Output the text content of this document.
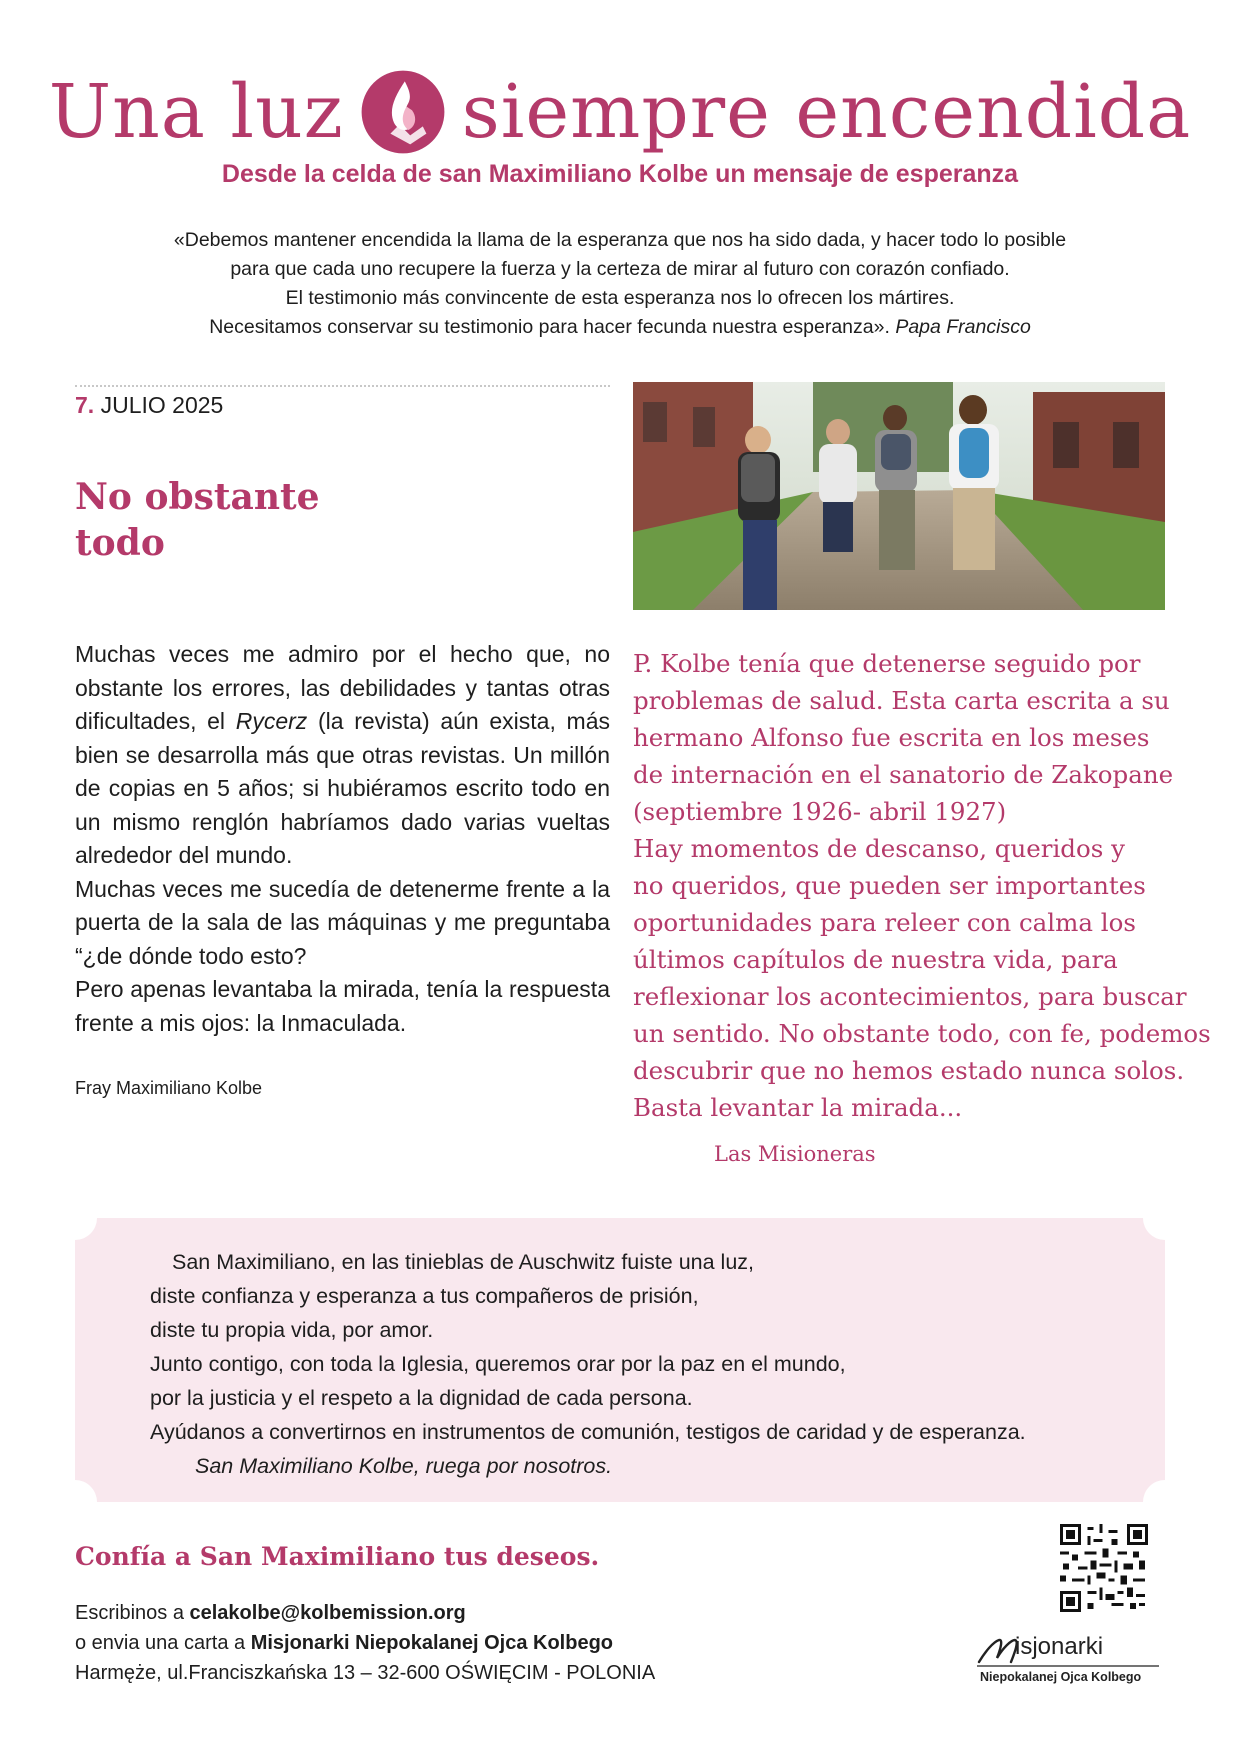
Una luz siempre encendida
Desde la celda de san Maximiliano Kolbe un mensaje de esperanza
«Debemos mantener encendida la llama de la esperanza que nos ha sido dada, y hacer todo lo posible
para que cada uno recupere la fuerza y la certeza de mirar al futuro con corazón confiado.
El testimonio más convincente de esta esperanza nos lo ofrecen los mártires.
Necesitamos conservar su testimonio para hacer fecunda nuestra esperanza». Papa Francisco
7. JULIO 2025
No obstante
todo

Muchas veces me admiro por el hecho que, no obstante los errores, las debilidades y tantas otras dificultades, el Rycerz (la revista) aún exista, más bien se desarrolla más que otras revistas. Un millón de copias en 5 años; si hubiéramos escrito todo en un mismo renglón habríamos dado varias vueltas alrededor del mundo.

Muchas veces me sucedía de detenerme frente a la puerta de la sala de las máquinas y me preguntaba “¿de dónde todo esto?

Pero apenas levantaba la mirada, tenía la respuesta frente a mis ojos: la Inmaculada.

Fray Maximiliano Kolbe
P. Kolbe tenía que detenerse seguido por
problemas de salud. Esta carta escrita a su
hermano Alfonso fue escrita en los meses
de internación en el sanatorio de Zakopane
(septiembre 1926- abril 1927)
Hay momentos de descanso, queridos y
no queridos, que pueden ser importantes
oportunidades para releer con calma los
últimos capítulos de nuestra vida, para
reflexionar los acontecimientos, para buscar
un sentido. No obstante todo, con fe, podemos
descubrir que no hemos estado nunca solos.
Basta levantar la mirada...
Las Misioneras
San Maximiliano, en las tinieblas de Auschwitz fuiste una luz,
diste confianza y esperanza a tus compañeros de prisión,
diste tu propia vida, por amor.
Junto contigo, con toda la Iglesia, queremos orar por la paz en el mundo,
por la justicia y el respeto a la dignidad de cada persona.
Ayúdanos a convertirnos en instrumentos de comunión, testigos de caridad y de esperanza.
San Maximiliano Kolbe, ruega por nosotros.
Confía a San Maximiliano tus deseos.
Escribinos a celakolbe@kolbemission.org
o envia una carta a Misjonarki Niepokalanej Ojca Kolbego
Harmęże, ul.Franciszkańska 13 – 32-600 OŚWIĘCIM - POLONIA
isjonarki
Niepokalanej Ojca Kolbego
